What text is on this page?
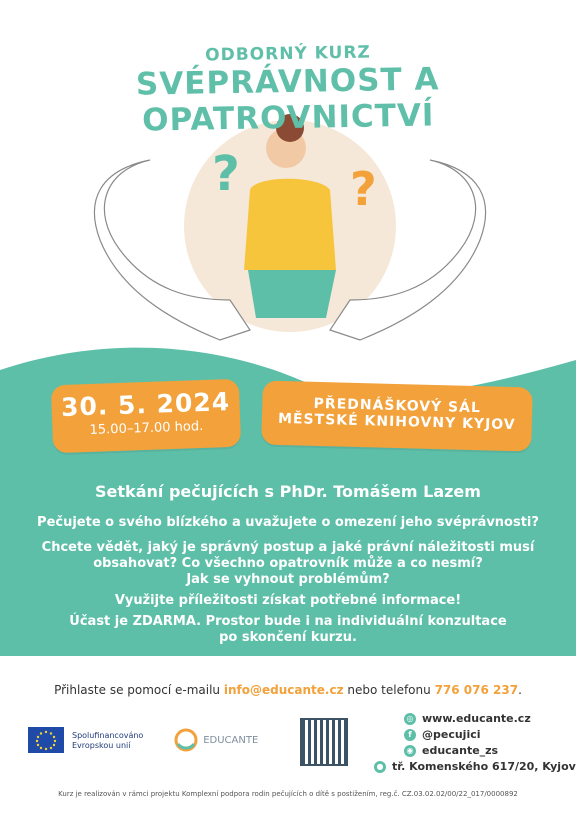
? ?
ODBORNÝ KURZ
SVÉPRÁVNOST A OPATROVNICTVÍ
30. 5. 2024
15.00–17.00 hod.
PŘEDNÁŠKOVÝ SÁL
MĚSTSKÉ KNIHOVNY KYJOV
Setkání pečujících s PhDr. Tomášem Lazem
Pečujete o svého blízkého a uvažujete o omezení jeho svéprávnosti?
Chcete vědět, jaký je správný postup a jaké právní náležitosti musí
obsahovat? Co všechno opatrovník může a co nesmí?
Jak se vyhnout problémům?
Využijte příležitosti získat potřebné informace!
Účast je ZDARMA. Prostor bude i na individuální konzultace
po skončení kurzu.
Přihlaste se pomocí e-mailu info@educante.cz nebo telefonu 776 076 237.
Spolufinancováno
Evropskou unií	EDUCANTE
◎ www.educante.cz
f @pecujici
◉ educante_zs
● tř. Komenského 617/20, Kyjov
Kurz je realizován v rámci projektu Komplexní podpora rodin pečujících o dítě s postižením, reg.č. CZ.03.02.02/00/22_017/0000892
